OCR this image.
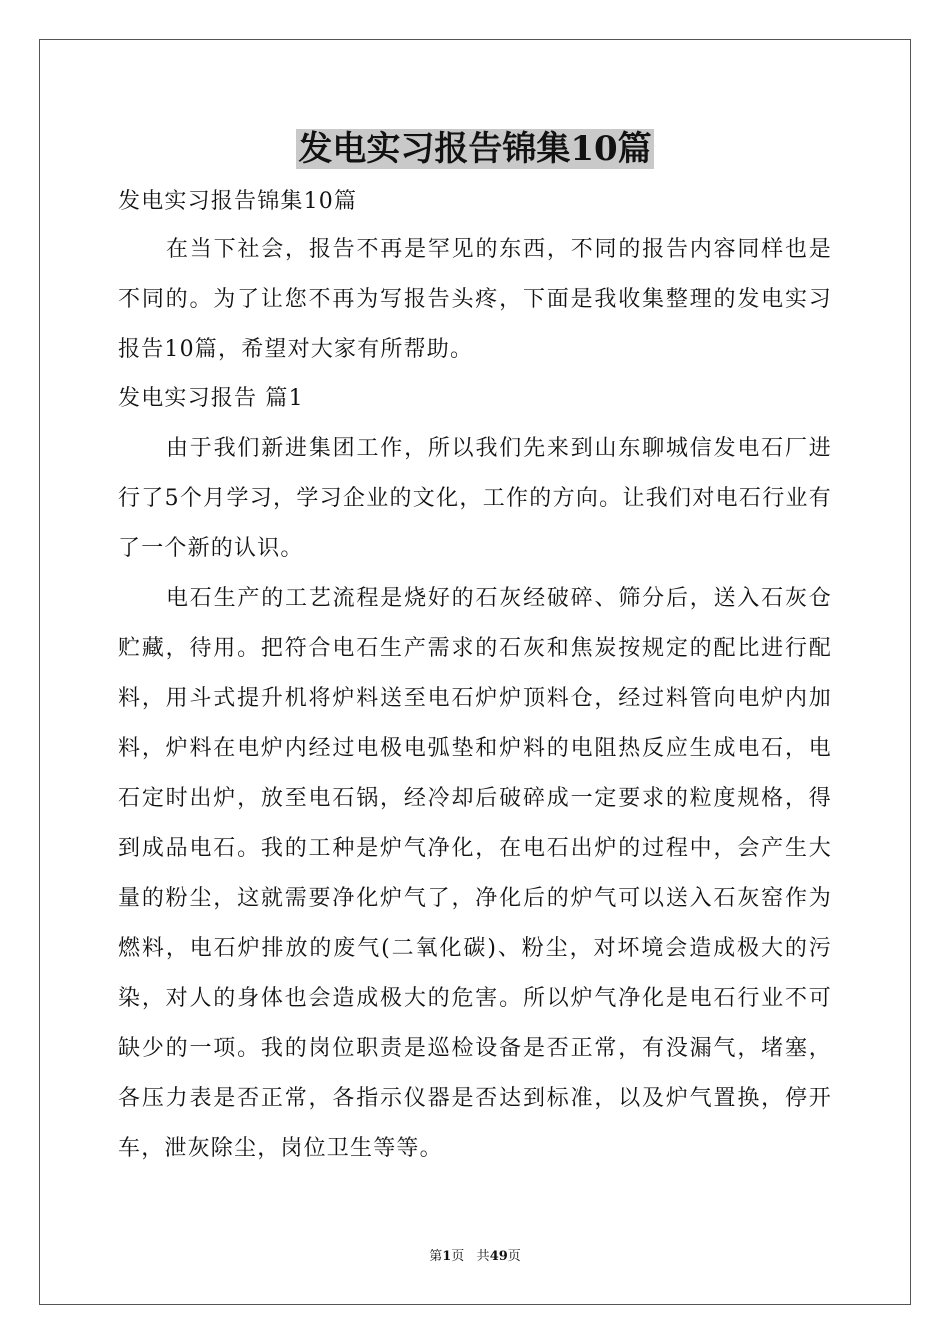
发电实习报告锦集10篇
发电实习报告锦集10篇
在当下社会，报告不再是罕见的东西，不同的报告内容同样也是不同的。为了让您不再为写报告头疼，下面是我收集整理的发电实习报告10篇，希望对大家有所帮助。
发电实习报告 篇1
由于我们新进集团工作，所以我们先来到山东聊城信发电石厂进行了5个月学习，学习企业的文化，工作的方向。让我们对电石行业有了一个新的认识。
电石生产的工艺流程是烧好的石灰经破碎、筛分后，送入石灰仓贮藏，待用。把符合电石生产需求的石灰和焦炭按规定的配比进行配料，用斗式提升机将炉料送至电石炉炉顶料仓，经过料管向电炉内加料，炉料在电炉内经过电极电弧垫和炉料的电阻热反应生成电石，电石定时出炉，放至电石锅，经冷却后破碎成一定要求的粒度规格，得到成品电石。我的工种是炉气净化，在电石出炉的过程中，会产生大量的粉尘，这就需要净化炉气了，净化后的炉气可以送入石灰窑作为燃料，电石炉排放的废气(二氧化碳)、粉尘，对坏境会造成极大的污染，对人的身体也会造成极大的危害。所以炉气净化是电石行业不可缺少的一项。我的岗位职责是巡检设备是否正常，有没漏气，堵塞，各压力表是否正常，各指示仪器是否达到标准，以及炉气置换，停开车，泄灰除尘，岗位卫生等等。
第1页 共49页
